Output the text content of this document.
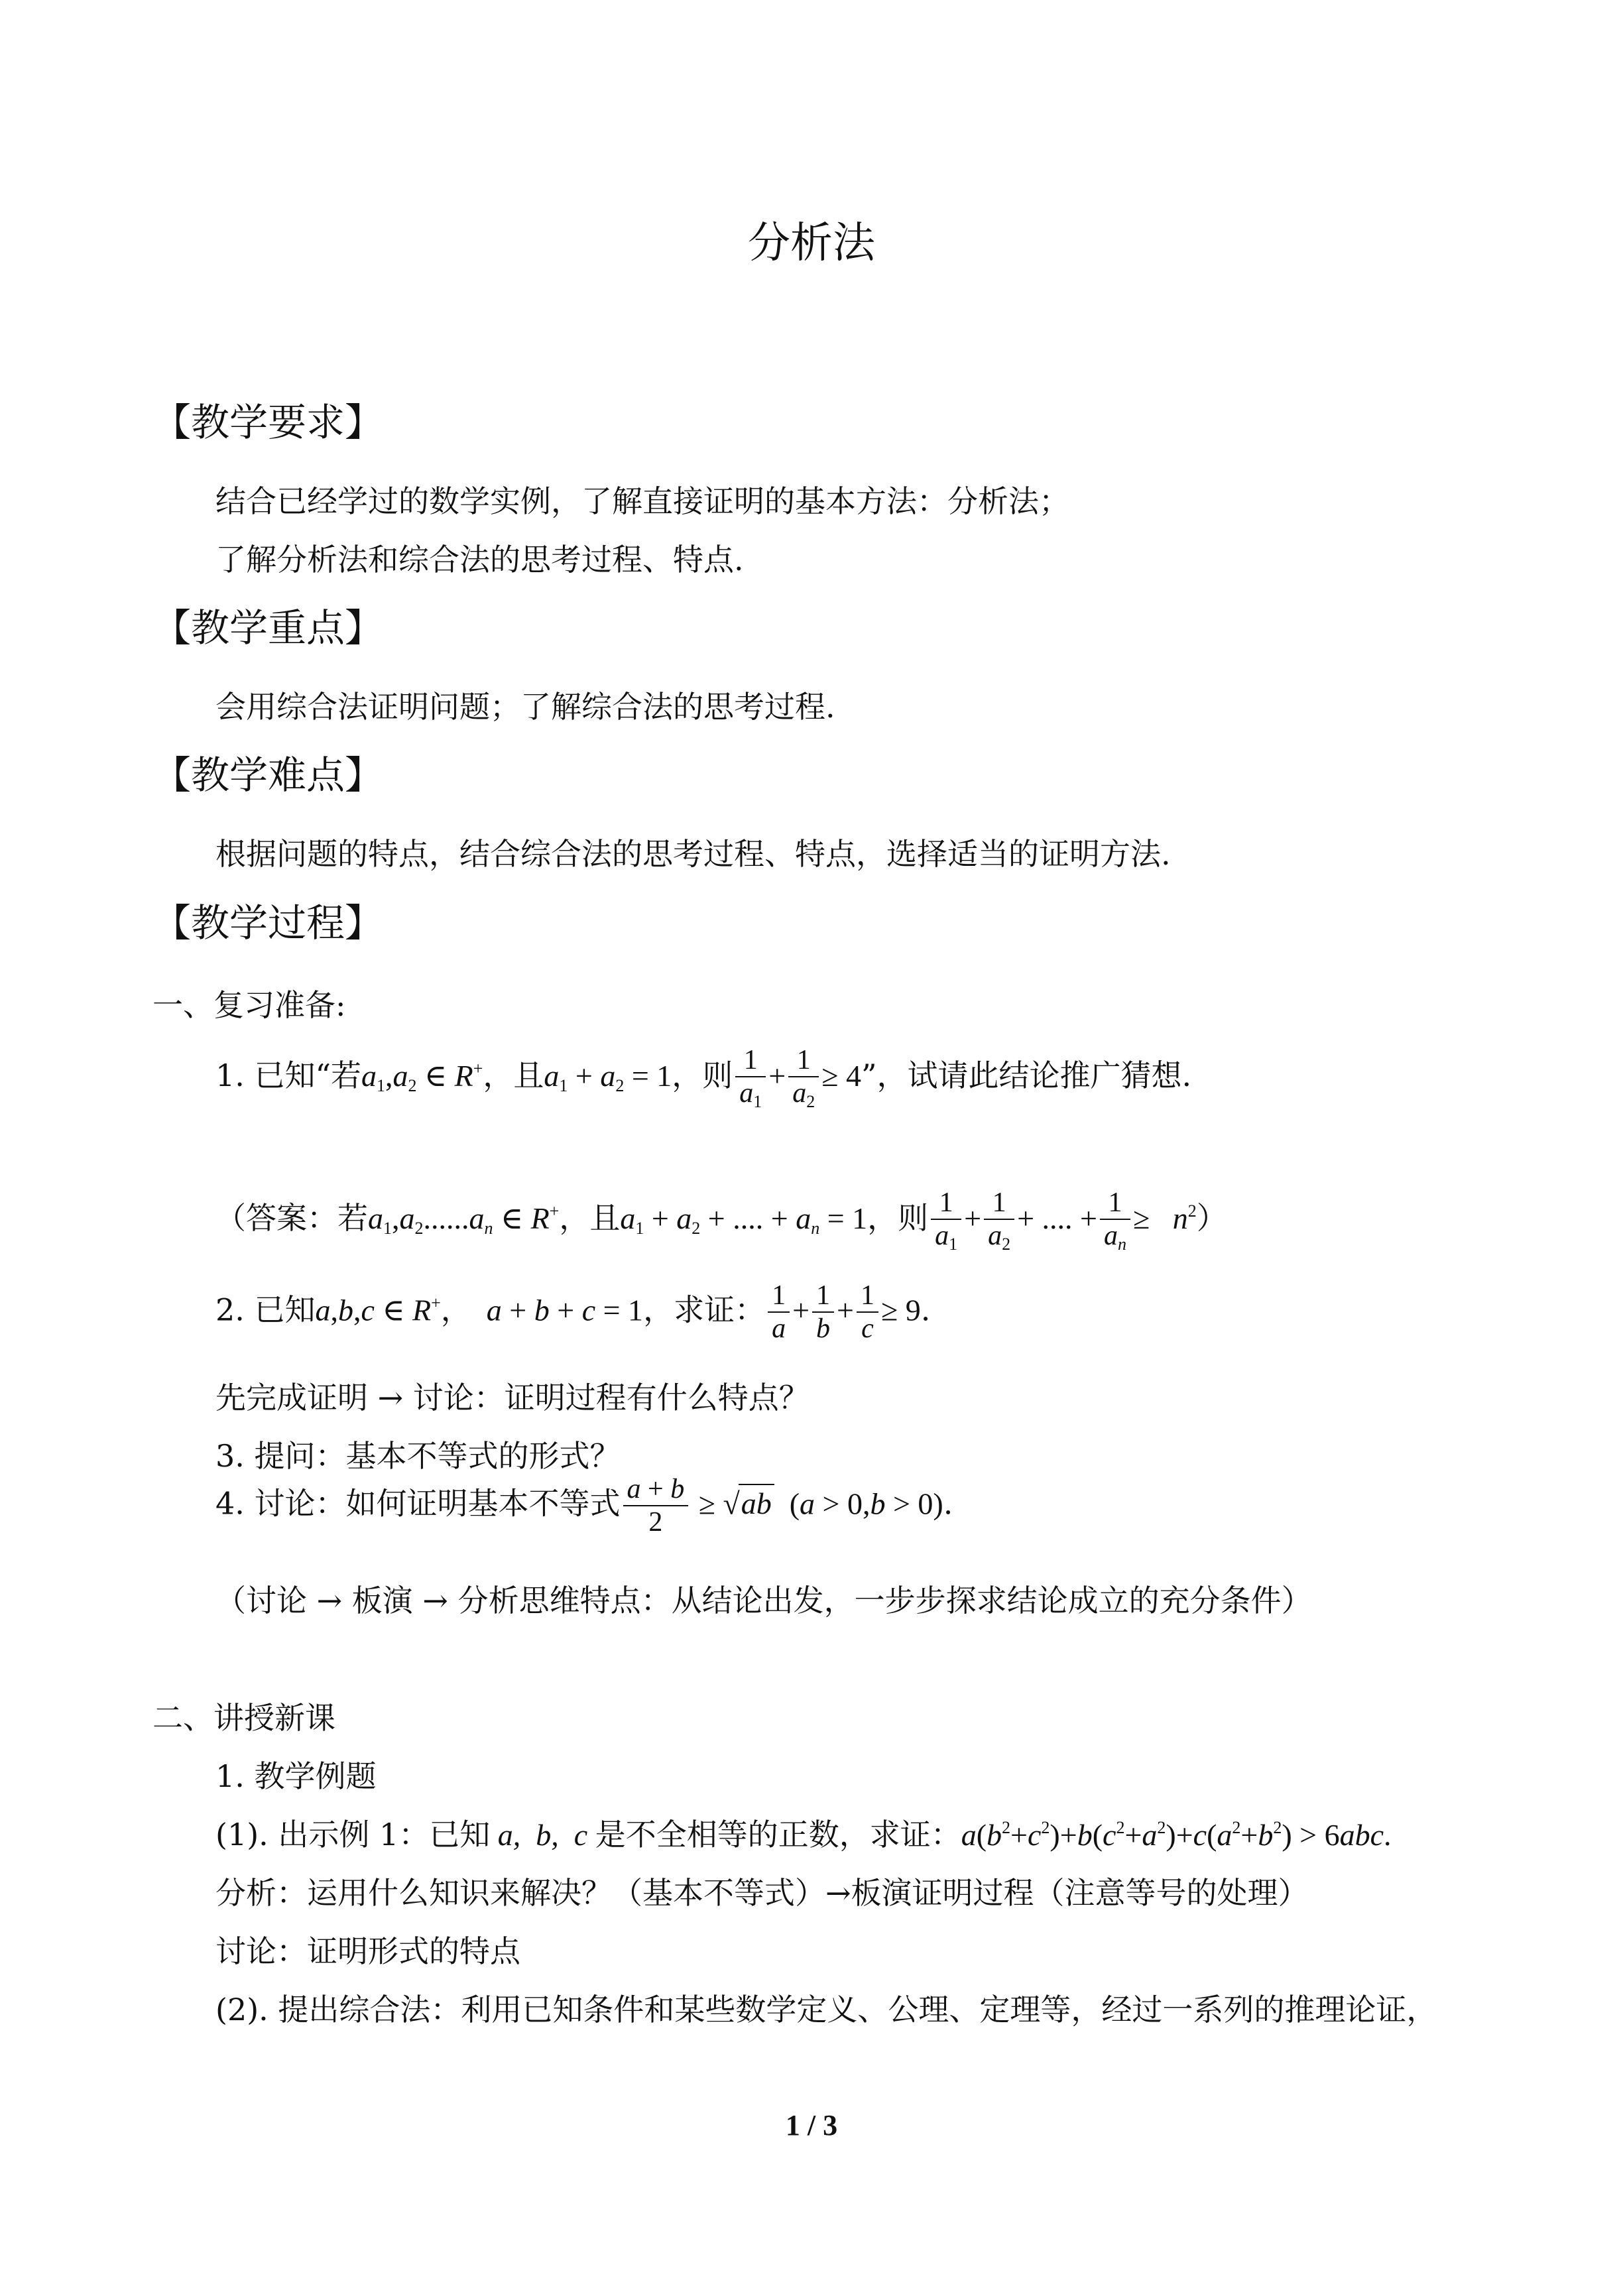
分析法
【教学要求】
结合已经学过的数学实例，了解直接证明的基本方法：分析法；
了解分析法和综合法的思考过程、特点.
【教学重点】
会用综合法证明问题；了解综合法的思考过程.
【教学难点】
根据问题的特点，结合综合法的思考过程、特点，选择适当的证明方法.
【教学过程】
一、复习准备:
1. 已知“若$a_1,a_2$ ∈ R+，且$a_1 + a_2 = 1$，则 $\frac{1}{a_1} + \frac{1}{a_2} \ge 4$”，试请此结论推广猜想.
（答案：若$a_1,a_2......a_n$ ∈ R+，且$a_1 + a_2$ + .... + $a_n = 1$，则 $\frac{1}{a_1} + \frac{1}{a_2}$ + .... + $\frac{1}{a_n} \ge n^2$）
2. 已知a,b,c ∈ R+，  a + b + c = 1，求证： $\frac{1}{a} + \frac{1}{b} + \frac{1}{c} \ge 9$.
先完成证明 → 讨论：证明过程有什么特点？
3. 提问：基本不等式的形式？
4. 讨论：如何证明基本不等式 $\frac{a + b}{2} \ge √ab$  (a > 0,b > 0).
（讨论 → 板演 → 分析思维特点：从结论出发，一步步探求结论成立的充分条件）
二、讲授新课
1. 教学例题
(1). 出示例 1：已知 a,  b,  c 是不全相等的正数，求证：$a(b^2+c^2)+b(c^2+a^2)+c(a^2+b^2) > 6abc$.
分析：运用什么知识来解决？（基本不等式）→板演证明过程（注意等号的处理）
讨论：证明形式的特点
(2). 提出综合法：利用已知条件和某些数学定义、公理、定理等，经过一系列的推理论证，
1 / 3
